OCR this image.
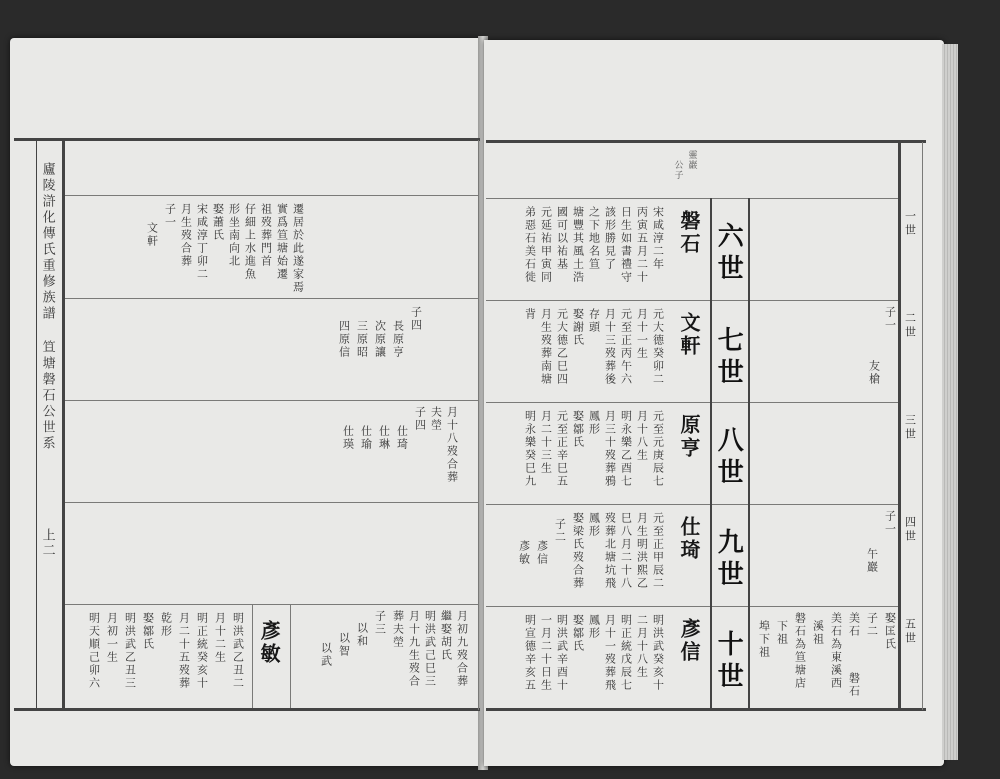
廬陵滸化傳氏重修族譜
笪塘磐石公世系
上二
遷居於此遂家焉
實爲笪塘始遷
祖歿葬門首
仔細上水進魚
形坐南向北
娶蕭氏
宋咸淳丁卯二
月生歿合葬
子一
文軒
子四
長原亨
次原讓
三原昭
四原信
月十八歿合葬
夫塋
子四
仕琦
仕琳
仕瑜
仕瑛
月初九歿合葬
繼娶胡氏
明洪武己巳三
月十九生歿合
葬夫塋
子三
以和
以智
以武
彥敏
明洪武乙丑二
月十二生
明正統癸亥十
月二十五歿葬
乾形
娶鄒氏
明洪武乙丑三
月初一生
明天順己卯六
一世
二世
三世
四世
五世
靈巖
公子
六世
七世
八世
九世
十世
磐石
文軒
原亨
仕琦
彥信
子一
友槍
子一
午巖
娶匡氏
子二
美石
磐石
美石為東溪西
溪祖
磐石為笪塘店
下祖
埠下祖
宋咸淳二年
丙寅五月二十
日生如書禮守
該形勝見了
之下地名笪
塘豐其風土浩
國可以祐基
元延祐甲寅同
弟惡石美石徙
元大德癸卯二
月十一生
元至正丙午六
月十三歿葬後
存頭
娶謝氏
元大德乙巳四
月生歿葬南塘
背
元至元庚辰七
月十八生
明永樂乙酉七
月三十歿葬鴉
鳳形
娶鄒氏
元至正辛巳五
月二十三生
明永樂癸巳九
元至正甲辰二
月生明洪熙乙
巳八月二十八
歿葬北塘坑飛
鳳形
娶梁氏歿合葬
子二
彥信
彥敏
明洪武癸亥十
二月十八生
明正統戊辰七
月十一歿葬飛
鳳形
娶鄒氏
明洪武辛酉十
一月二十日生
明宣德辛亥五
